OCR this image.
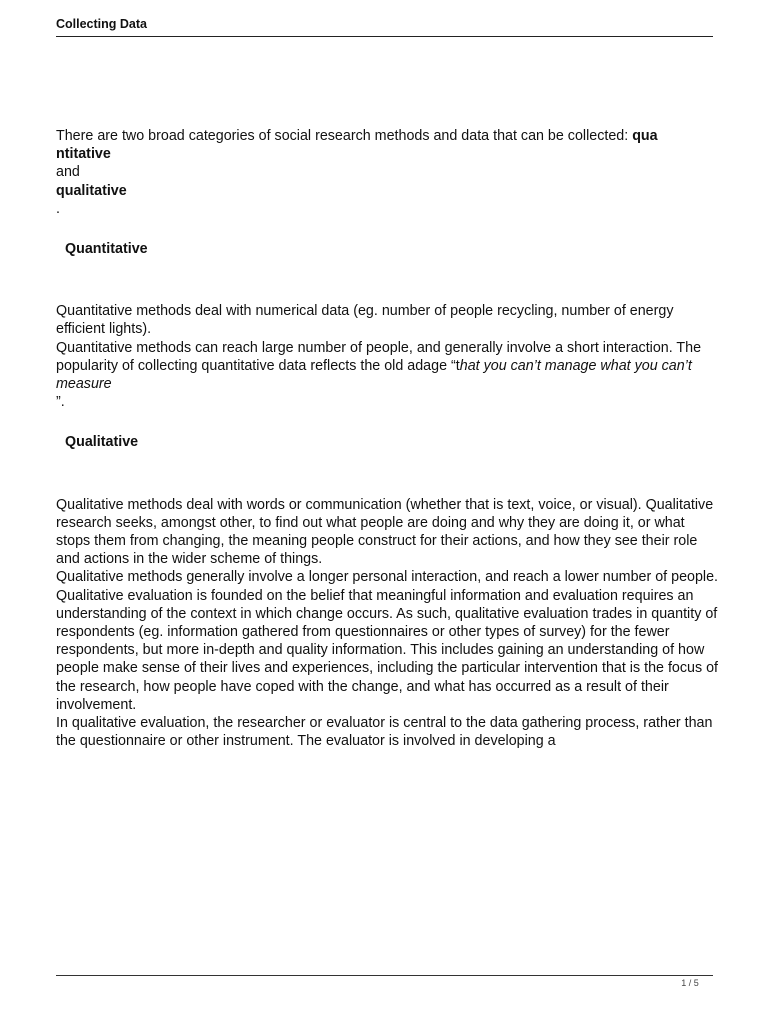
Collecting Data
There are two broad categories of social research methods and data that can be collected: qua
ntitative
and
qualitative
.
Quantitative

Quantitative methods deal with numerical data (eg. number of people recycling, number of energy efficient lights).

Quantitative methods can reach large number of people, and generally involve a short interaction. The popularity of collecting quantitative data reflects the old adage “that you can’t manage what you can’t measure
”.
Qualitative

Qualitative methods deal with words or communication (whether that is text, voice, or visual). Qualitative research seeks, amongst other, to find out what people are doing and why they are doing it, or what stops them from changing, the meaning people construct for their actions, and how they see their role and actions in the wider scheme of things.

Qualitative methods generally involve a longer personal interaction, and reach a lower number of people.

Qualitative evaluation is founded on the belief that meaningful information and evaluation requires an understanding of the context in which change occurs. As such, qualitative evaluation trades in quantity of respondents (eg. information gathered from questionnaires or other types of survey) for the fewer respondents, but more in-depth and quality information. This includes gaining an understanding of how people make sense of their lives and experiences, including the particular intervention that is the focus of the research, how people have coped with the change, and what has occurred as a result of their involvement.

In qualitative evaluation, the researcher or evaluator is central to the data gathering process, rather than the questionnaire or other instrument. The evaluator is involved in developing a

1 / 5
